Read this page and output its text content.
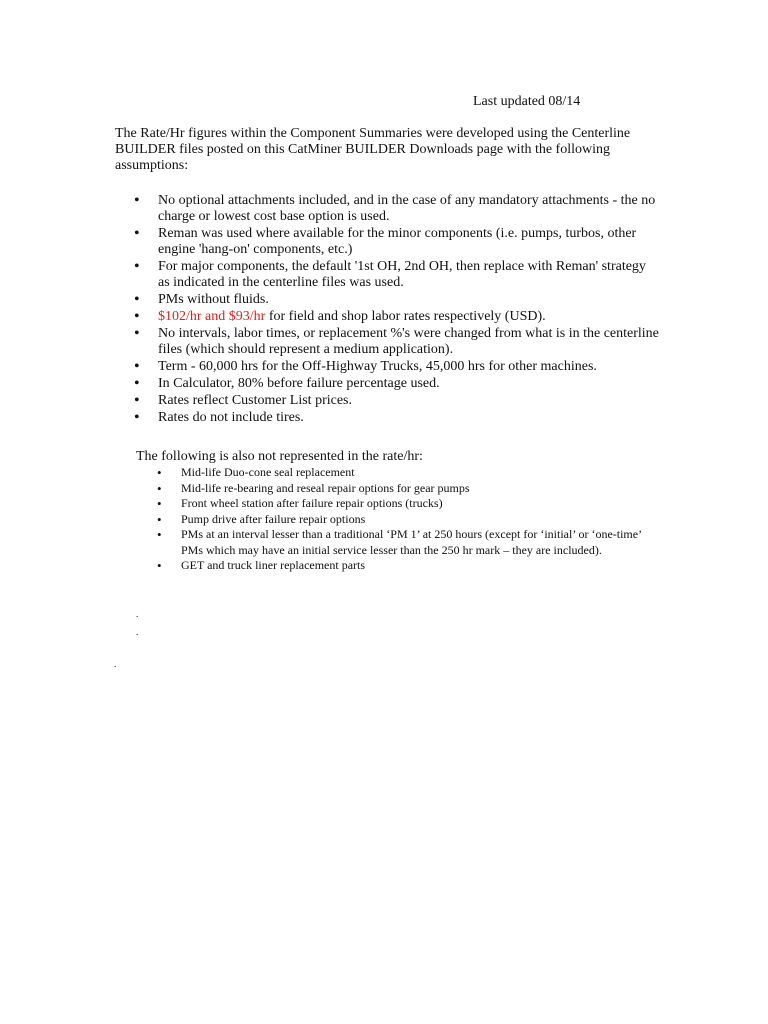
Last updated 08/14

The Rate/Hr figures within the Component Summaries were developed using the Centerline BUILDER files posted on this CatMiner BUILDER Downloads page with the following assumptions:

• No optional attachments included, and in the case of any mandatory attachments - the no charge or lowest cost base option is used.
• Reman was used where available for the minor components (i.e. pumps, turbos, other engine 'hang-on' components, etc.)
• For major components, the default '1st OH, 2nd OH, then replace with Reman' strategy as indicated in the centerline files was used.
• PMs without fluids.
• $102/hr and $93/hr for field and shop labor rates respectively (USD).
• No intervals, labor times, or replacement %'s were changed from what is in the centerline files (which should represent a medium application).
• Term - 60,000 hrs for the Off-Highway Trucks, 45,000 hrs for other machines.
• In Calculator, 80% before failure percentage used.
• Rates reflect Customer List prices.
• Rates do not include tires.

The following is also not represented in the rate/hr:

• Mid-life Duo-cone seal replacement
• Mid-life re-bearing and reseal repair options for gear pumps
• Front wheel station after failure repair options (trucks)
• Pump drive after failure repair options
• PMs at an interval lesser than a traditional ‘PM 1’ at 250 hours (except for ‘initial’ or ‘one-time’ PMs which may have an initial service lesser than the 250 hr mark – they are included).
• GET and truck liner replacement parts
.
.
.
